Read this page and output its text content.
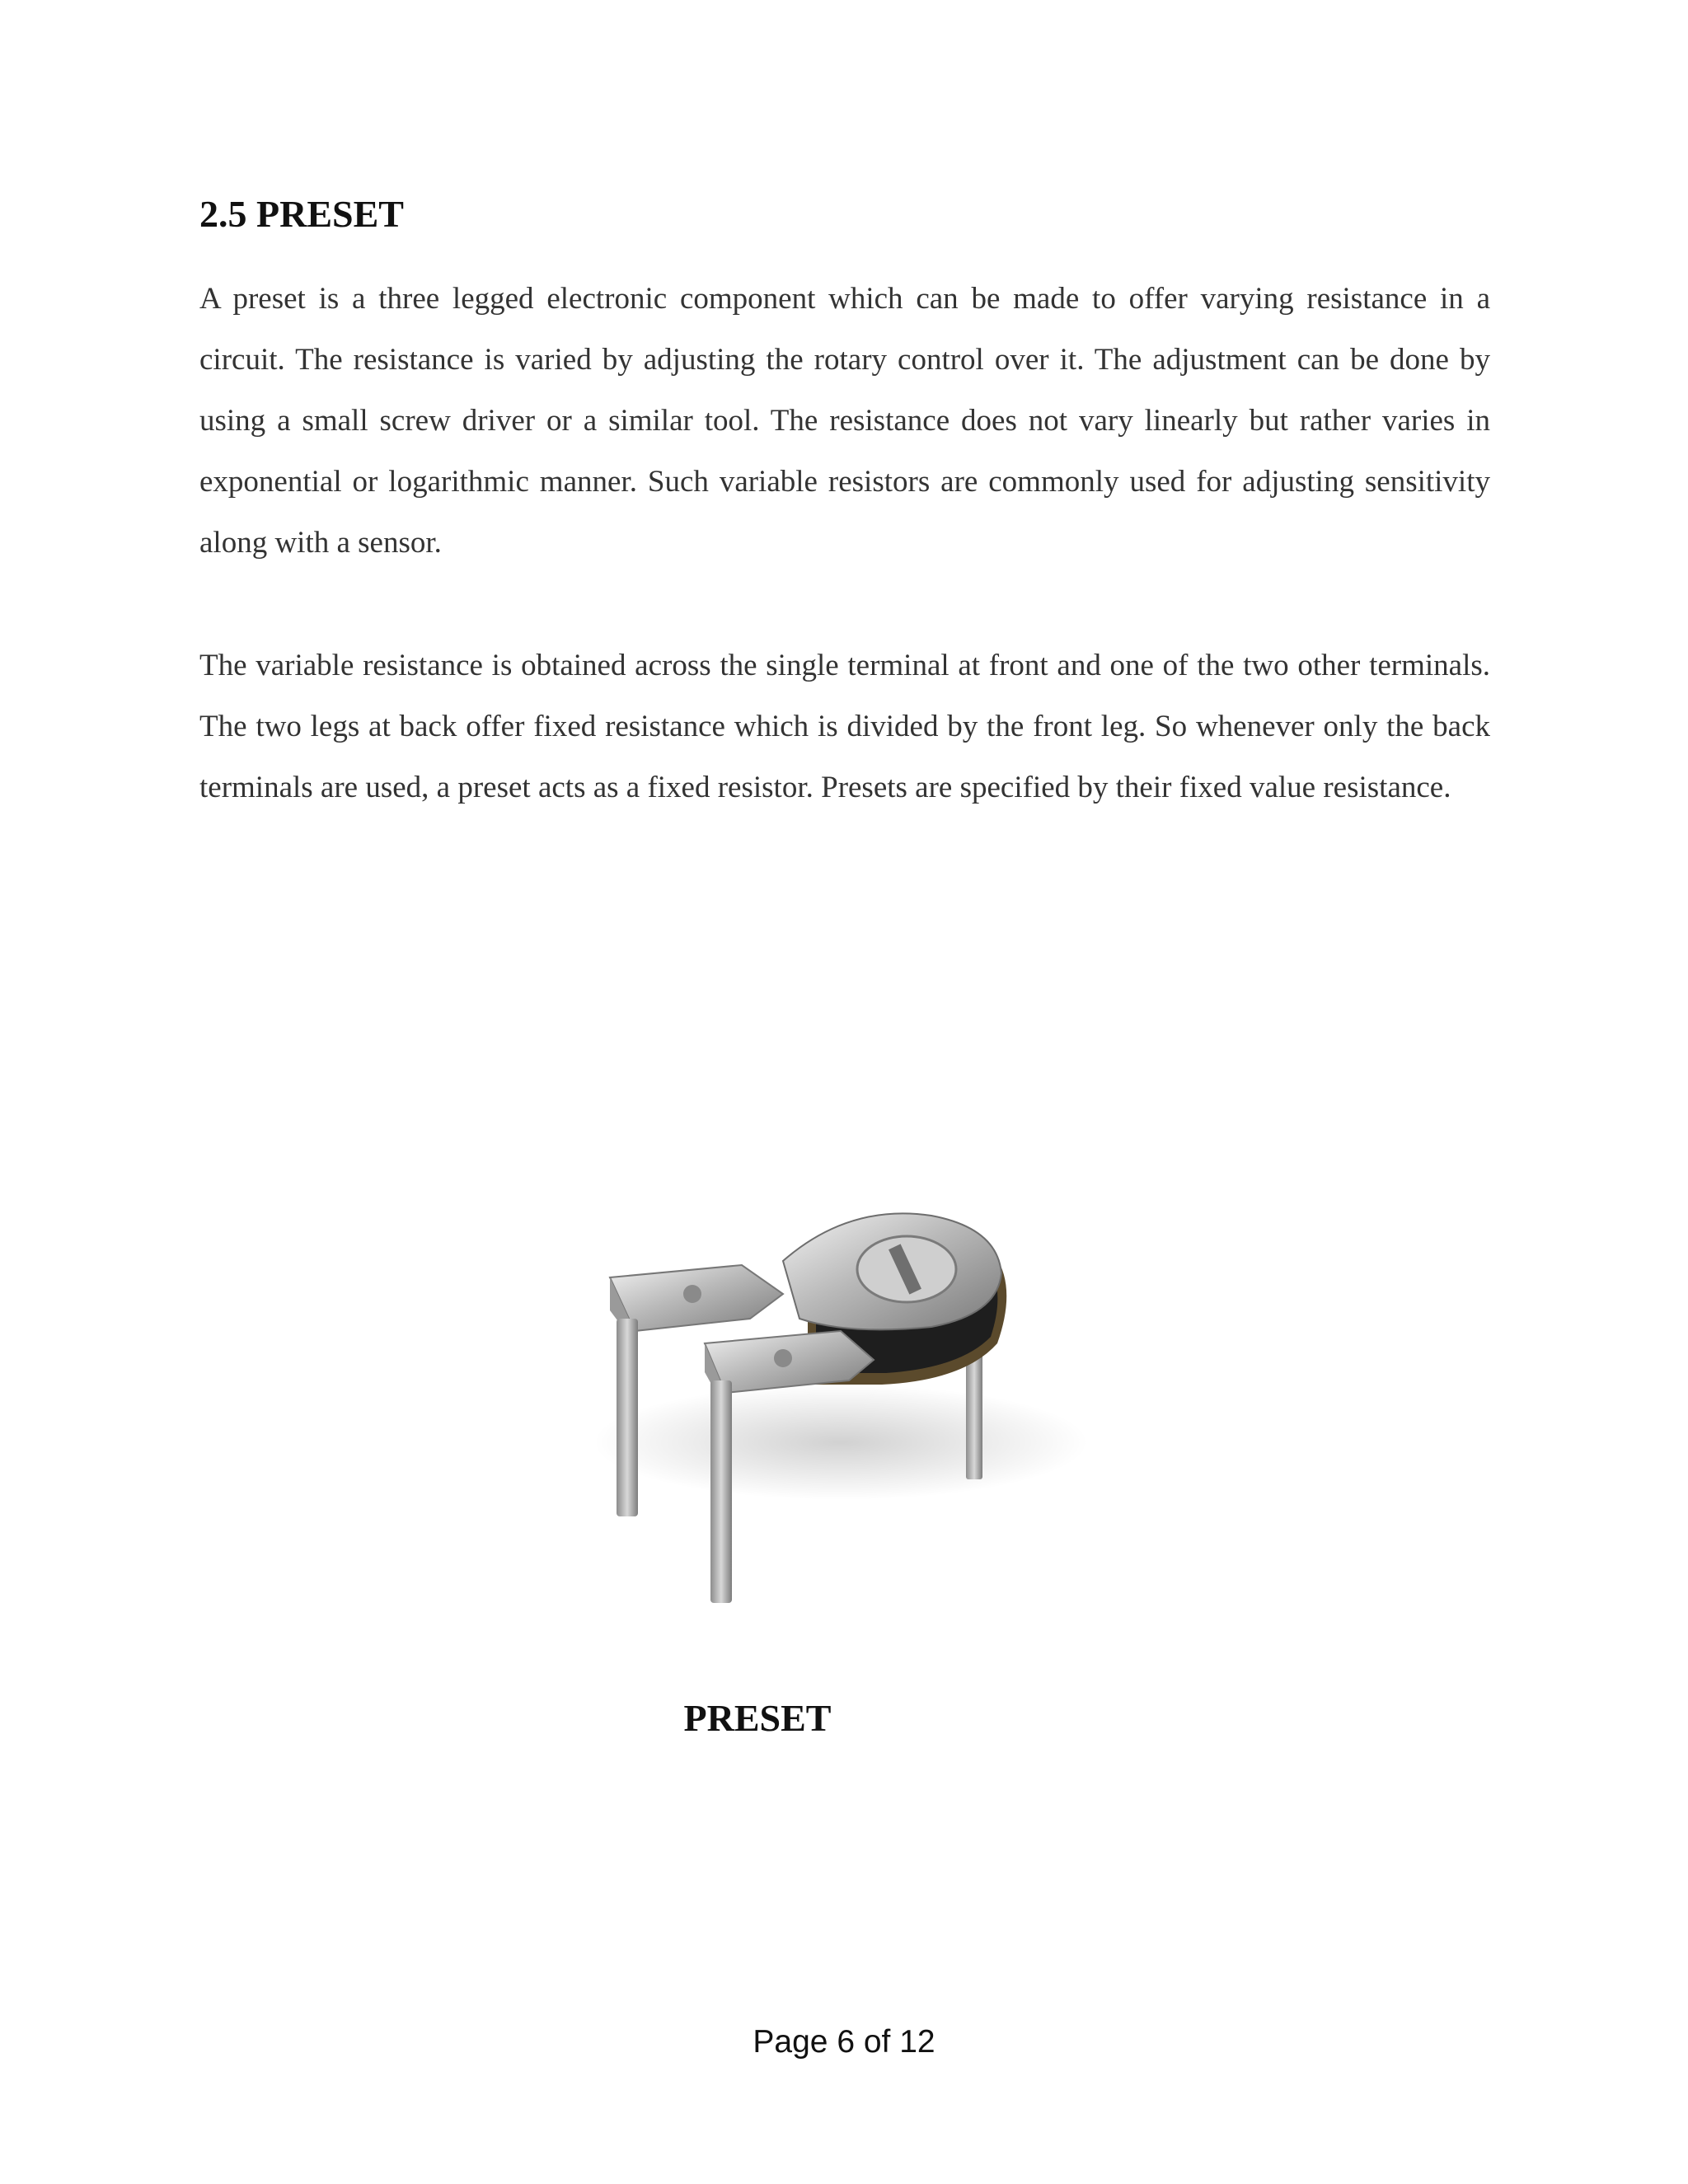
2.5 PRESET

A preset is a three legged electronic component which can be made to offer varying resistance in a circuit. The resistance is varied by adjusting the rotary control over it. The adjustment can be done by using a small screw driver or a similar tool. The resistance does not vary linearly but rather varies in exponential or logarithmic manner. Such variable resistors are commonly used for adjusting sensitivity along with a sensor.

The variable resistance is obtained across the single terminal at front and one of the two other terminals. The two legs at back offer fixed resistance which is divided by the front leg. So whenever only the back terminals are used, a preset acts as a fixed resistor. Presets are specified by their fixed value resistance.

PRESET

Page 6 of 12
